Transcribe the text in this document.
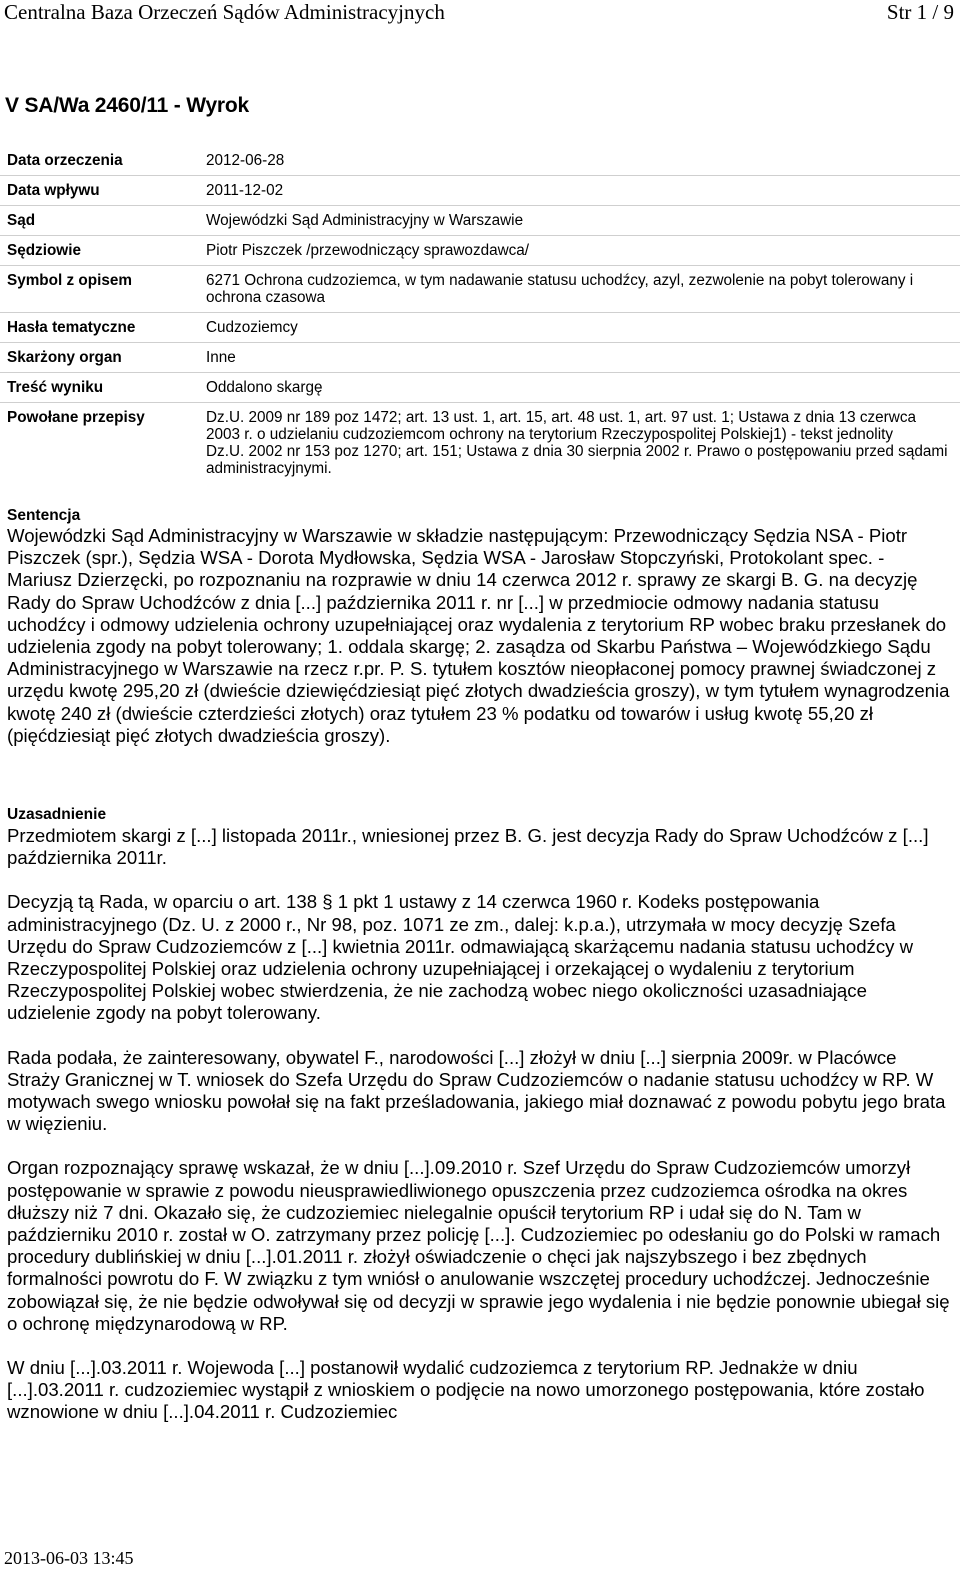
Centralna Baza Orzeczeń Sądów Administracyjnych	Str 1 / 9
V SA/Wa 2460/11 - Wyrok
Data orzeczenia	2012-06-28
Data wpływu	2011-12-02
Sąd	Wojewódzki Sąd Administracyjny w Warszawie
Sędziowie	Piotr Piszczek /przewodniczący sprawozdawca/
Symbol z opisem	6271 Ochrona cudzoziemca, w tym nadawanie statusu uchodźcy, azyl, zezwolenie na pobyt tolerowany i ochrona czasowa
Hasła tematyczne	Cudzoziemcy
Skarżony organ	Inne
Treść wyniku	Oddalono skargę
Powołane przepisy	Dz.U. 2009 nr 189 poz 1472; art. 13 ust. 1, art. 15, art. 48 ust. 1, art. 97 ust. 1; Ustawa z dnia 13 czerwca 2003 r. o udzielaniu cudzoziemcom ochrony na terytorium Rzeczypospolitej Polskiej1) - tekst jednolity
Dz.U. 2002 nr 153 poz 1270; art. 151; Ustawa z dnia 30 sierpnia 2002 r. Prawo o postępowaniu przed sądami administracyjnymi.
Sentencja

Wojewódzki Sąd Administracyjny w Warszawie w składzie następującym: Przewodniczący Sędzia NSA - Piotr Piszczek (spr.), Sędzia WSA - Dorota Mydłowska, Sędzia WSA - Jarosław Stopczyński, Protokolant spec. - Mariusz Dzierzęcki, po rozpoznaniu na rozprawie w dniu 14 czerwca 2012 r. sprawy ze skargi B. G. na decyzję Rady do Spraw Uchodźców z dnia [...] października 2011 r. nr [...] w przedmiocie odmowy nadania statusu uchodźcy i odmowy udzielenia ochrony uzupełniającej oraz wydalenia z terytorium RP wobec braku przesłanek do udzielenia zgody na pobyt tolerowany; 1. oddala skargę; 2. zasądza od Skarbu Państwa – Wojewódzkiego Sądu Administracyjnego w Warszawie na rzecz r.pr. P. S. tytułem kosztów nieopłaconej pomocy prawnej świadczonej z urzędu kwotę 295,20 zł (dwieście dziewięćdziesiąt pięć złotych dwadzieścia groszy), w tym tytułem wynagrodzenia kwotę 240 zł (dwieście czterdzieści złotych) oraz tytułem 23 % podatku od towarów i usług kwotę 55,20 zł (pięćdziesiąt pięć złotych dwadzieścia groszy).

Uzasadnienie

Przedmiotem skargi z [...] listopada 2011r., wniesionej przez B. G. jest decyzja Rady do Spraw Uchodźców z [...] października 2011r.

Decyzją tą Rada, w oparciu o art. 138 § 1 pkt 1 ustawy z 14 czerwca 1960 r. Kodeks postępowania administracyjnego (Dz. U. z 2000 r., Nr 98, poz. 1071 ze zm., dalej: k.p.a.), utrzymała w mocy decyzję Szefa Urzędu do Spraw Cudzoziemców z [...] kwietnia 2011r. odmawiającą skarżącemu nadania statusu uchodźcy w Rzeczypospolitej Polskiej oraz udzielenia ochrony uzupełniającej i orzekającej o wydaleniu z terytorium Rzeczypospolitej Polskiej wobec stwierdzenia, że nie zachodzą wobec niego okoliczności uzasadniające udzielenie zgody na pobyt tolerowany.

Rada podała, że zainteresowany, obywatel F., narodowości [...] złożył w dniu [...] sierpnia 2009r. w Placówce Straży Granicznej w T. wniosek do Szefa Urzędu do Spraw Cudzoziemców o nadanie statusu uchodźcy w RP. W motywach swego wniosku powołał się na fakt prześladowania, jakiego miał doznawać z powodu pobytu jego brata w więzieniu.

Organ rozpoznający sprawę wskazał, że w dniu [...].09.2010 r. Szef Urzędu do Spraw Cudzoziemców umorzył postępowanie w sprawie z powodu nieusprawiedliwionego opuszczenia przez cudzoziemca ośrodka na okres dłuższy niż 7 dni. Okazało się, że cudzoziemiec nielegalnie opuścił terytorium RP i udał się do N. Tam w październiku 2010 r. został w O. zatrzymany przez policję [...]. Cudzoziemiec po odesłaniu go do Polski w ramach procedury dublińskiej w dniu [...].01.2011 r. złożył oświadczenie o chęci jak najszybszego i bez zbędnych formalności powrotu do F. W związku z tym wniósł o anulowanie wszczętej procedury uchodźczej. Jednocześnie zobowiązał się, że nie będzie odwoływał się od decyzji w sprawie jego wydalenia i nie będzie ponownie ubiegał się o ochronę międzynarodową w RP.

W dniu [...].03.2011 r. Wojewoda [...] postanowił wydalić cudzoziemca z terytorium RP. Jednakże w dniu [...].03.2011 r. cudzoziemiec wystąpił z wnioskiem o podjęcie na nowo umorzonego postępowania, które zostało wznowione w dniu [...].04.2011 r. Cudzoziemiec

2013-06-03 13:45
